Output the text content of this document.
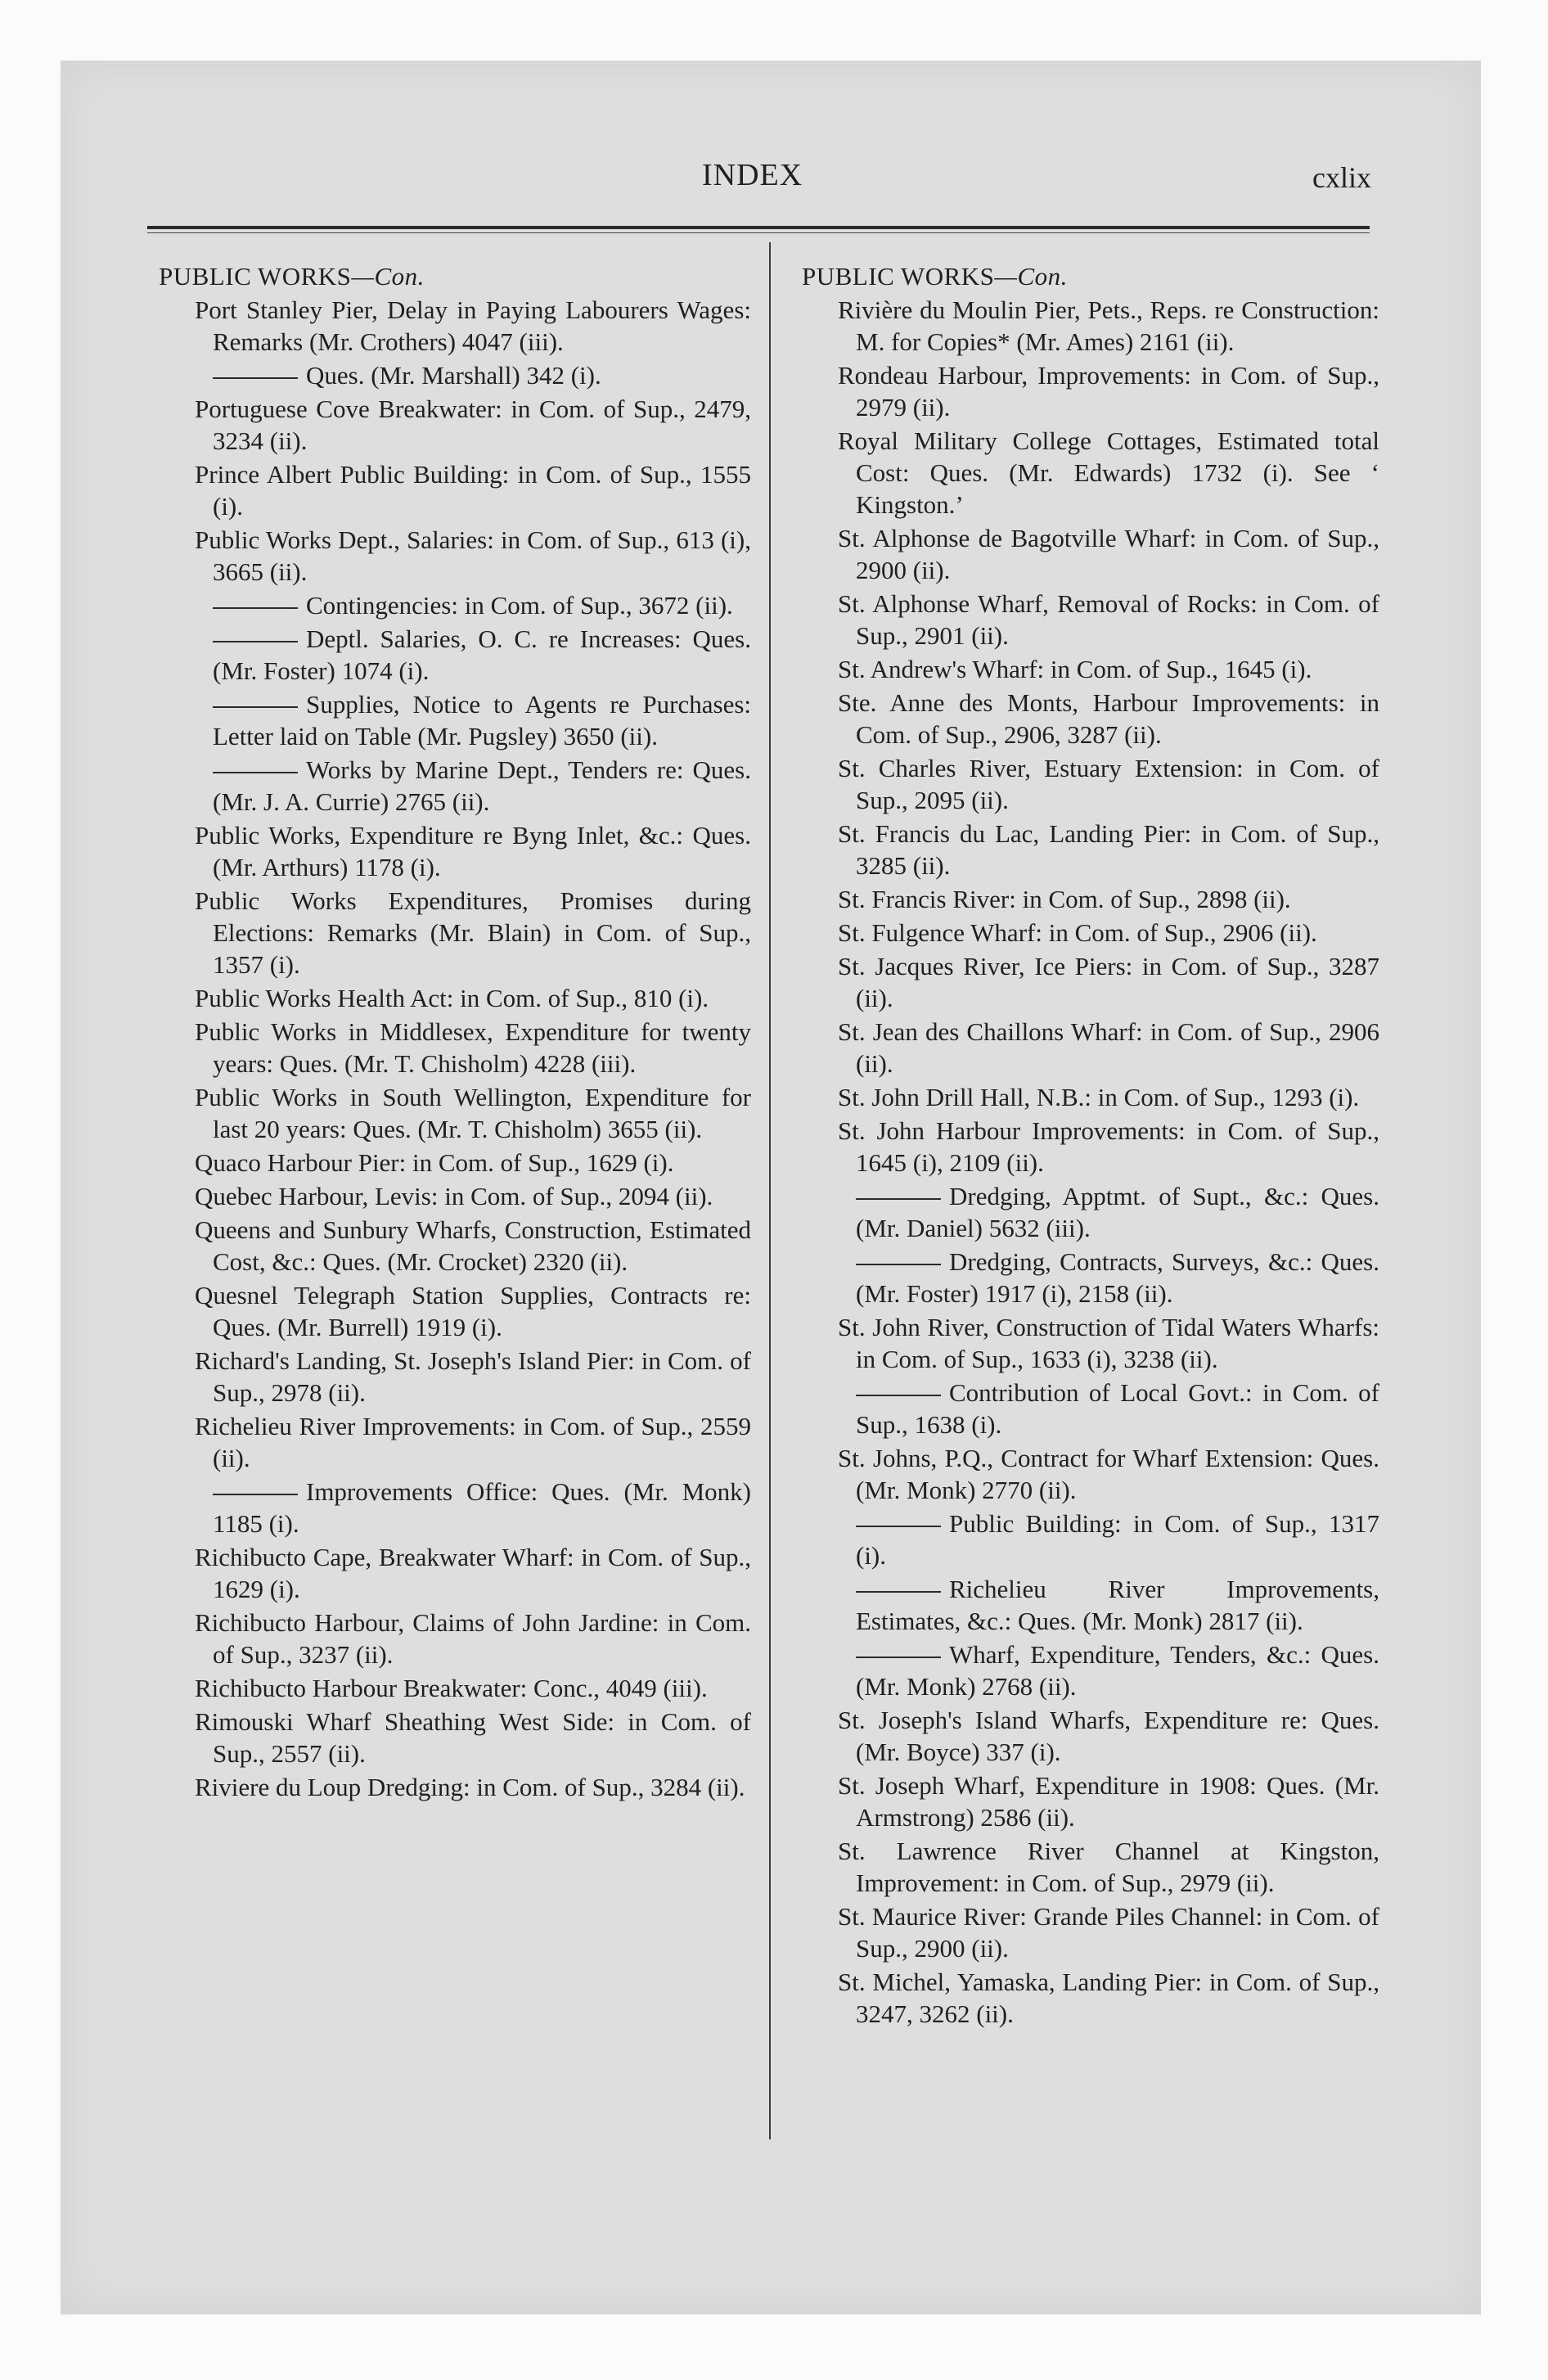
INDEX	cxlix
PUBLIC WORKS—Con.
Port Stanley Pier, Delay in Paying Labourers Wages: Remarks (Mr. Crothers) 4047 (iii).
Ques. (Mr. Marshall) 342 (i).
Portuguese Cove Breakwater: in Com. of Sup., 2479, 3234 (ii).
Prince Albert Public Building: in Com. of Sup., 1555 (i).
Public Works Dept., Salaries: in Com. of Sup., 613 (i), 3665 (ii).
Contingencies: in Com. of Sup., 3672 (ii).
Deptl. Salaries, O. C. re Increases: Ques. (Mr. Foster) 1074 (i).
Supplies, Notice to Agents re Purchases: Letter laid on Table (Mr. Pugsley) 3650 (ii).
Works by Marine Dept., Tenders re: Ques. (Mr. J. A. Currie) 2765 (ii).
Public Works, Expenditure re Byng Inlet, &c.: Ques. (Mr. Arthurs) 1178 (i).
Public Works Expenditures, Promises during Elections: Remarks (Mr. Blain) in Com. of Sup., 1357 (i).
Public Works Health Act: in Com. of Sup., 810 (i).
Public Works in Middlesex, Expenditure for twenty years: Ques. (Mr. T. Chisholm) 4228 (iii).
Public Works in South Wellington, Expenditure for last 20 years: Ques. (Mr. T. Chisholm) 3655 (ii).
Quaco Harbour Pier: in Com. of Sup., 1629 (i).
Quebec Harbour, Levis: in Com. of Sup., 2094 (ii).
Queens and Sunbury Wharfs, Construction, Estimated Cost, &c.: Ques. (Mr. Crocket) 2320 (ii).
Quesnel Telegraph Station Supplies, Contracts re: Ques. (Mr. Burrell) 1919 (i).
Richard's Landing, St. Joseph's Island Pier: in Com. of Sup., 2978 (ii).
Richelieu River Improvements: in Com. of Sup., 2559 (ii).
Improvements Office: Ques. (Mr. Monk) 1185 (i).
Richibucto Cape, Breakwater Wharf: in Com. of Sup., 1629 (i).
Richibucto Harbour, Claims of John Jardine: in Com. of Sup., 3237 (ii).
Richibucto Harbour Breakwater: Conc., 4049 (iii).
Rimouski Wharf Sheathing West Side: in Com. of Sup., 2557 (ii).
Riviere du Loup Dredging: in Com. of Sup., 3284 (ii).
PUBLIC WORKS—Con.
Rivière du Moulin Pier, Pets., Reps. re Construction: M. for Copies* (Mr. Ames) 2161 (ii).
Rondeau Harbour, Improvements: in Com. of Sup., 2979 (ii).
Royal Military College Cottages, Estimated total Cost: Ques. (Mr. Edwards) 1732 (i). See ‘ Kingston.’
St. Alphonse de Bagotville Wharf: in Com. of Sup., 2900 (ii).
St. Alphonse Wharf, Removal of Rocks: in Com. of Sup., 2901 (ii).
St. Andrew's Wharf: in Com. of Sup., 1645 (i).
Ste. Anne des Monts, Harbour Improvements: in Com. of Sup., 2906, 3287 (ii).
St. Charles River, Estuary Extension: in Com. of Sup., 2095 (ii).
St. Francis du Lac, Landing Pier: in Com. of Sup., 3285 (ii).
St. Francis River: in Com. of Sup., 2898 (ii).
St. Fulgence Wharf: in Com. of Sup., 2906 (ii).
St. Jacques River, Ice Piers: in Com. of Sup., 3287 (ii).
St. Jean des Chaillons Wharf: in Com. of Sup., 2906 (ii).
St. John Drill Hall, N.B.: in Com. of Sup., 1293 (i).
St. John Harbour Improvements: in Com. of Sup., 1645 (i), 2109 (ii).
Dredging, Apptmt. of Supt., &c.: Ques. (Mr. Daniel) 5632 (iii).
Dredging, Contracts, Surveys, &c.: Ques. (Mr. Foster) 1917 (i), 2158 (ii).
St. John River, Construction of Tidal Waters Wharfs: in Com. of Sup., 1633 (i), 3238 (ii).
Contribution of Local Govt.: in Com. of Sup., 1638 (i).
St. Johns, P.Q., Contract for Wharf Extension: Ques. (Mr. Monk) 2770 (ii).
Public Building: in Com. of Sup., 1317 (i).
Richelieu River Improvements, Estimates, &c.: Ques. (Mr. Monk) 2817 (ii).
Wharf, Expenditure, Tenders, &c.: Ques. (Mr. Monk) 2768 (ii).
St. Joseph's Island Wharfs, Expenditure re: Ques. (Mr. Boyce) 337 (i).
St. Joseph Wharf, Expenditure in 1908: Ques. (Mr. Armstrong) 2586 (ii).
St. Lawrence River Channel at Kingston, Improvement: in Com. of Sup., 2979 (ii).
St. Maurice River: Grande Piles Channel: in Com. of Sup., 2900 (ii).
St. Michel, Yamaska, Landing Pier: in Com. of Sup., 3247, 3262 (ii).
